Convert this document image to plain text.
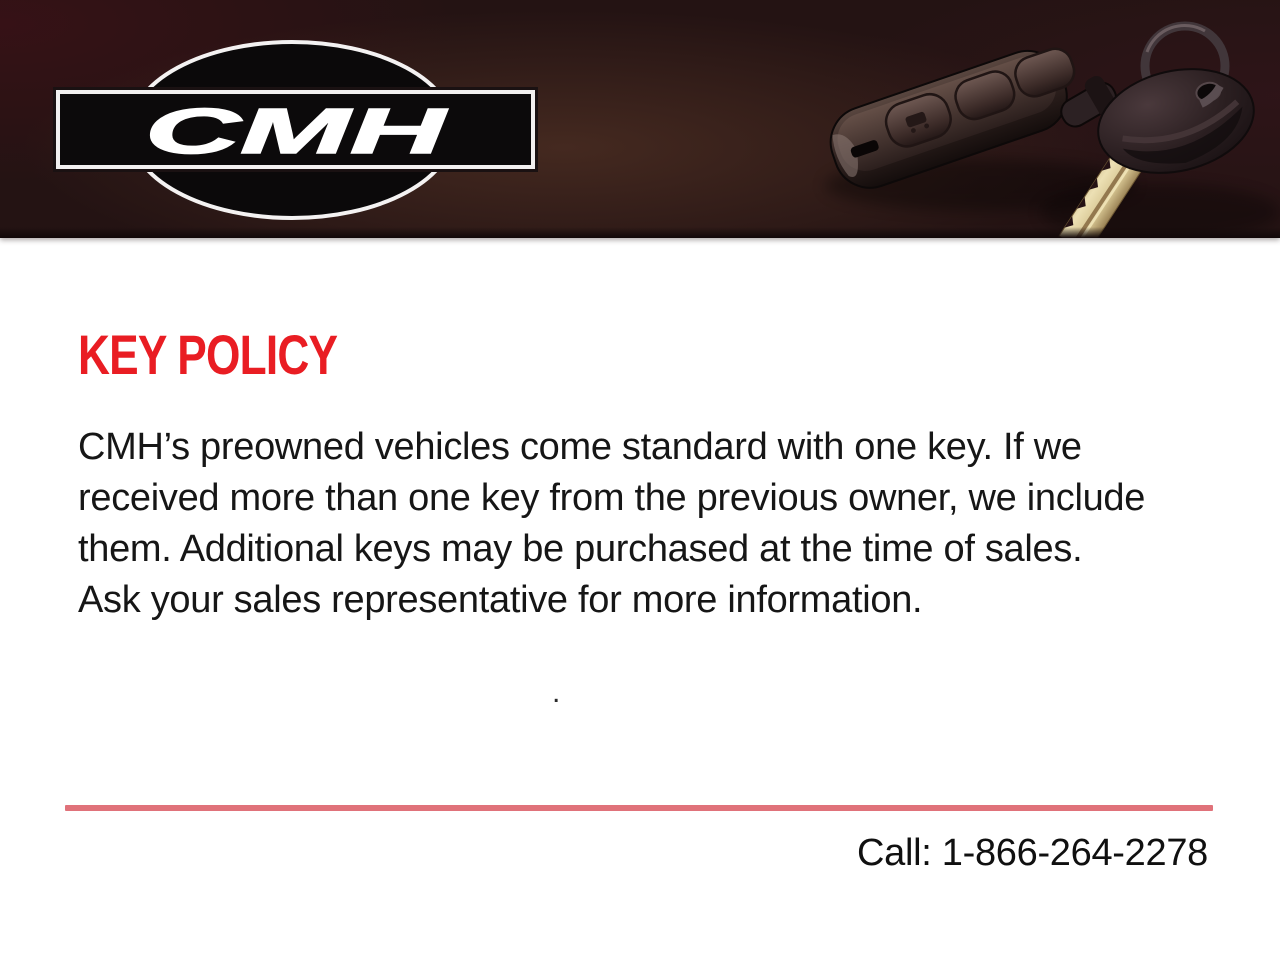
CMH
KEY POLICY
CMH’s preowned vehicles come standard with one key. If we
received more than one key from the previous owner, we include
them. Additional keys may be purchased at the time of sales.
Ask your sales representative for more information.
.
Call: 1-866-264-2278
